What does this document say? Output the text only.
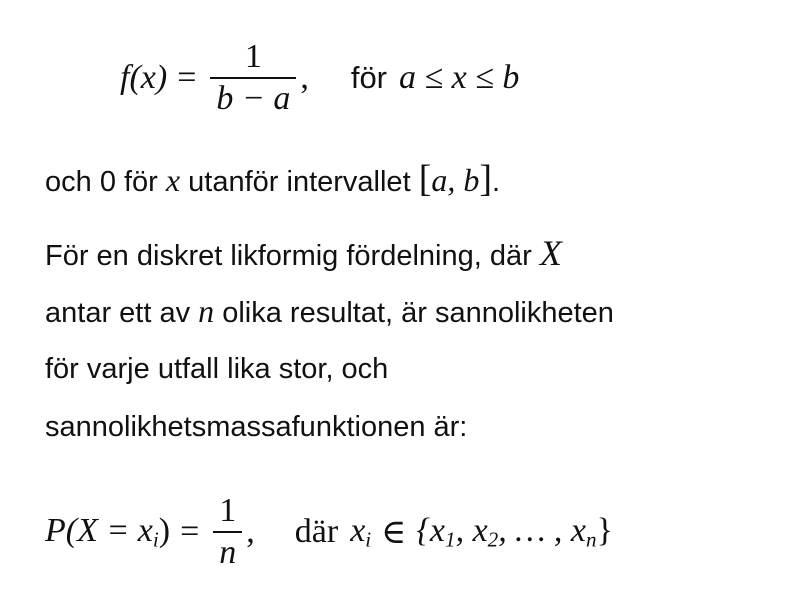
$f(x) = \frac{1}{b - a}$ , för a ≤ x ≤ b
och 0 för x utanför intervallet [a, b].
För en diskret likformig fördelning, där X
antar ett av n olika resultat, är sannolikheten
för varje utfall lika stor, och
sannolikhetsmassafunktionen är:
$P(X = x_i) = \frac{1}{n}$ , där $x_i$ ∈ {$x_1$, $x_2$, … , $x_n$}
